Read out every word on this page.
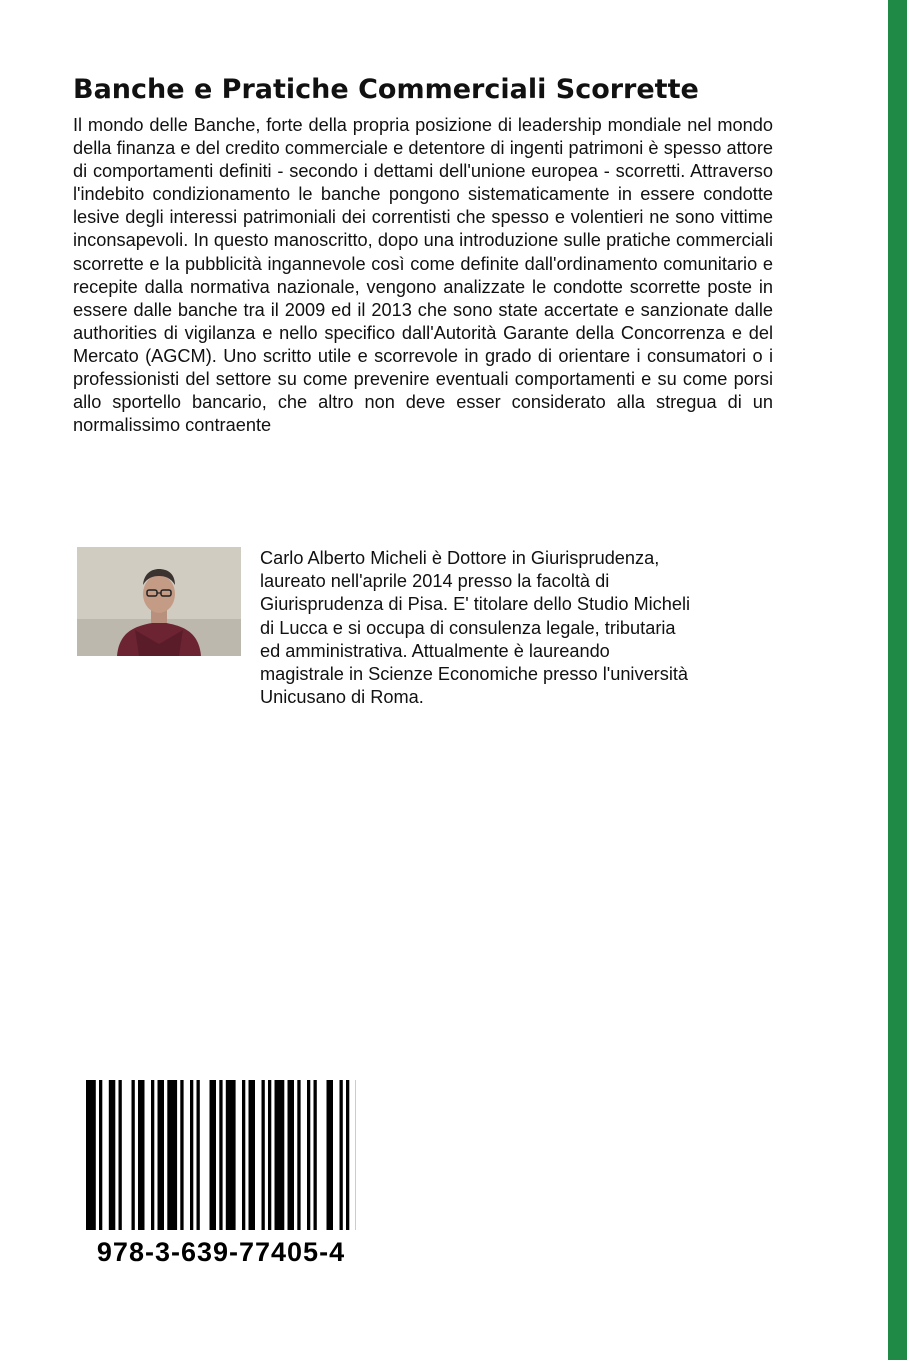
Banche e Pratiche Commerciali Scorrette

Il mondo delle Banche, forte della propria posizione di leadership mondiale nel mondo della finanza e del credito commerciale e detentore di ingenti patrimoni è spesso attore di comportamenti definiti - secondo i dettami dell'unione europea - scorretti. Attraverso l'indebito condizionamento le banche pongono sistematicamente in essere condotte lesive degli interessi patrimoniali dei correntisti che spesso e volentieri ne sono vittime inconsapevoli. In questo manoscritto, dopo una introduzione sulle pratiche commerciali scorrette e la pubblicità ingannevole così come definite dall'ordinamento comunitario e recepite dalla normativa nazionale, vengono analizzate le condotte scorrette poste in essere dalle banche tra il 2009 ed il 2013 che sono state accertate e sanzionate dalle authorities di vigilanza e nello specifico dall'Autorità Garante della Concorrenza e del Mercato (AGCM). Uno scritto utile e scorrevole in grado di orientare i consumatori o i professionisti del settore su come prevenire eventuali comportamenti e su come porsi allo sportello bancario, che altro non deve esser considerato alla stregua di un normalissimo contraente

Carlo Alberto Micheli è Dottore in Giurisprudenza,
laureato nell'aprile 2014 presso la facoltà di
Giurisprudenza di Pisa. E' titolare dello Studio Micheli
di Lucca e si occupa di consulenza legale, tributaria
ed amministrativa. Attualmente è laureando
magistrale in Scienze Economiche presso l'università
Unicusano di Roma.
978-3-639-77405-4
